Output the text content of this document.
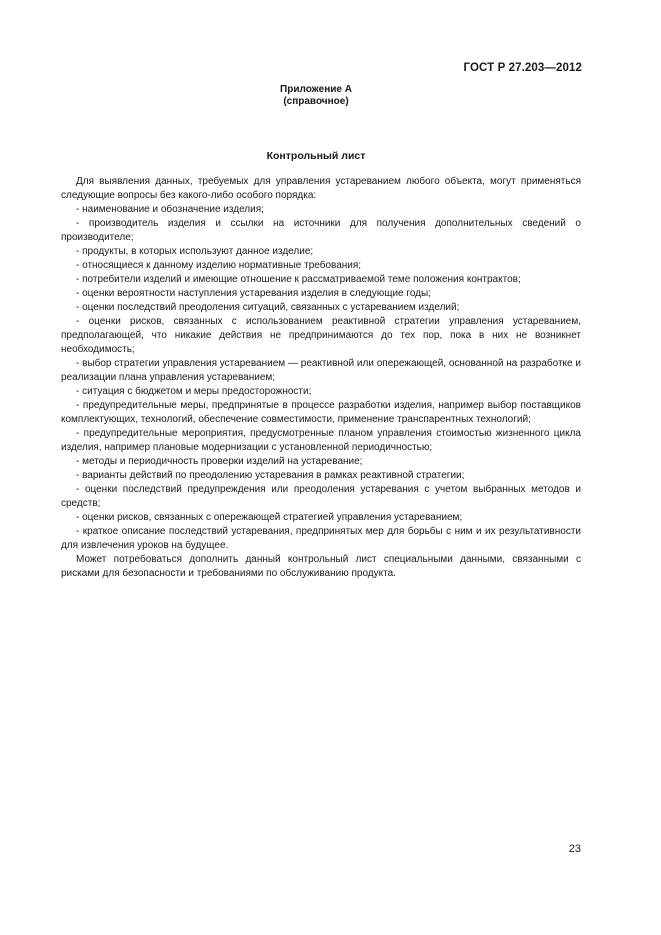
ГОСТ Р 27.203—2012
Приложение А
(справочное)
Контрольный лист

Для выявления данных, требуемых для управления устареванием любого объекта, могут применяться следующие вопросы без какого-либо особого порядка:

- наименование и обозначение изделия;

- производитель изделия и ссылки на источники для получения дополнительных сведений о производителе;

- продукты, в которых используют данное изделие;

- относящиеся к данному изделию нормативные требования;

- потребители изделий и имеющие отношение к рассматриваемой теме положения контрактов;

- оценки вероятности наступления устаревания изделия в следующие годы;

- оценки последствий преодоления ситуаций, связанных с устареванием изделий;

- оценки рисков, связанных с использованием реактивной стратегии управления устареванием, предполагающей, что никакие действия не предпринимаются до тех пор, пока в них не возникнет необходимость;

- выбор стратегии управления устареванием — реактивной или опережающей, основанной на разработке и реализации плана управления устареванием;

- ситуация с бюджетом и меры предосторожности;

- предупредительные меры, предпринятые в процессе разработки изделия, например выбор поставщиков комплектующих, технологий, обеспечение совместимости, применение транспарентных технологий;

- предупредительные мероприятия, предусмотренные планом управления стоимостью жизненного цикла изделия, например плановые модернизации с установленной периодичностью;

- методы и периодичность проверки изделий на устаревание;

- варианты действий по преодолению устаревания в рамках реактивной стратегии;

- оценки последствий предупреждения или преодоления устаревания с учетом выбранных методов и средств;

- оценки рисков, связанных с опережающей стратегией управления устареванием;

- краткое описание последствий устаревания, предпринятых мер для борьбы с ним и их результативности для извлечения уроков на будущее.

Может потребоваться дополнить данный контрольный лист специальными данными, связанными с рисками для безопасности и требованиями по обслуживанию продукта.

23
